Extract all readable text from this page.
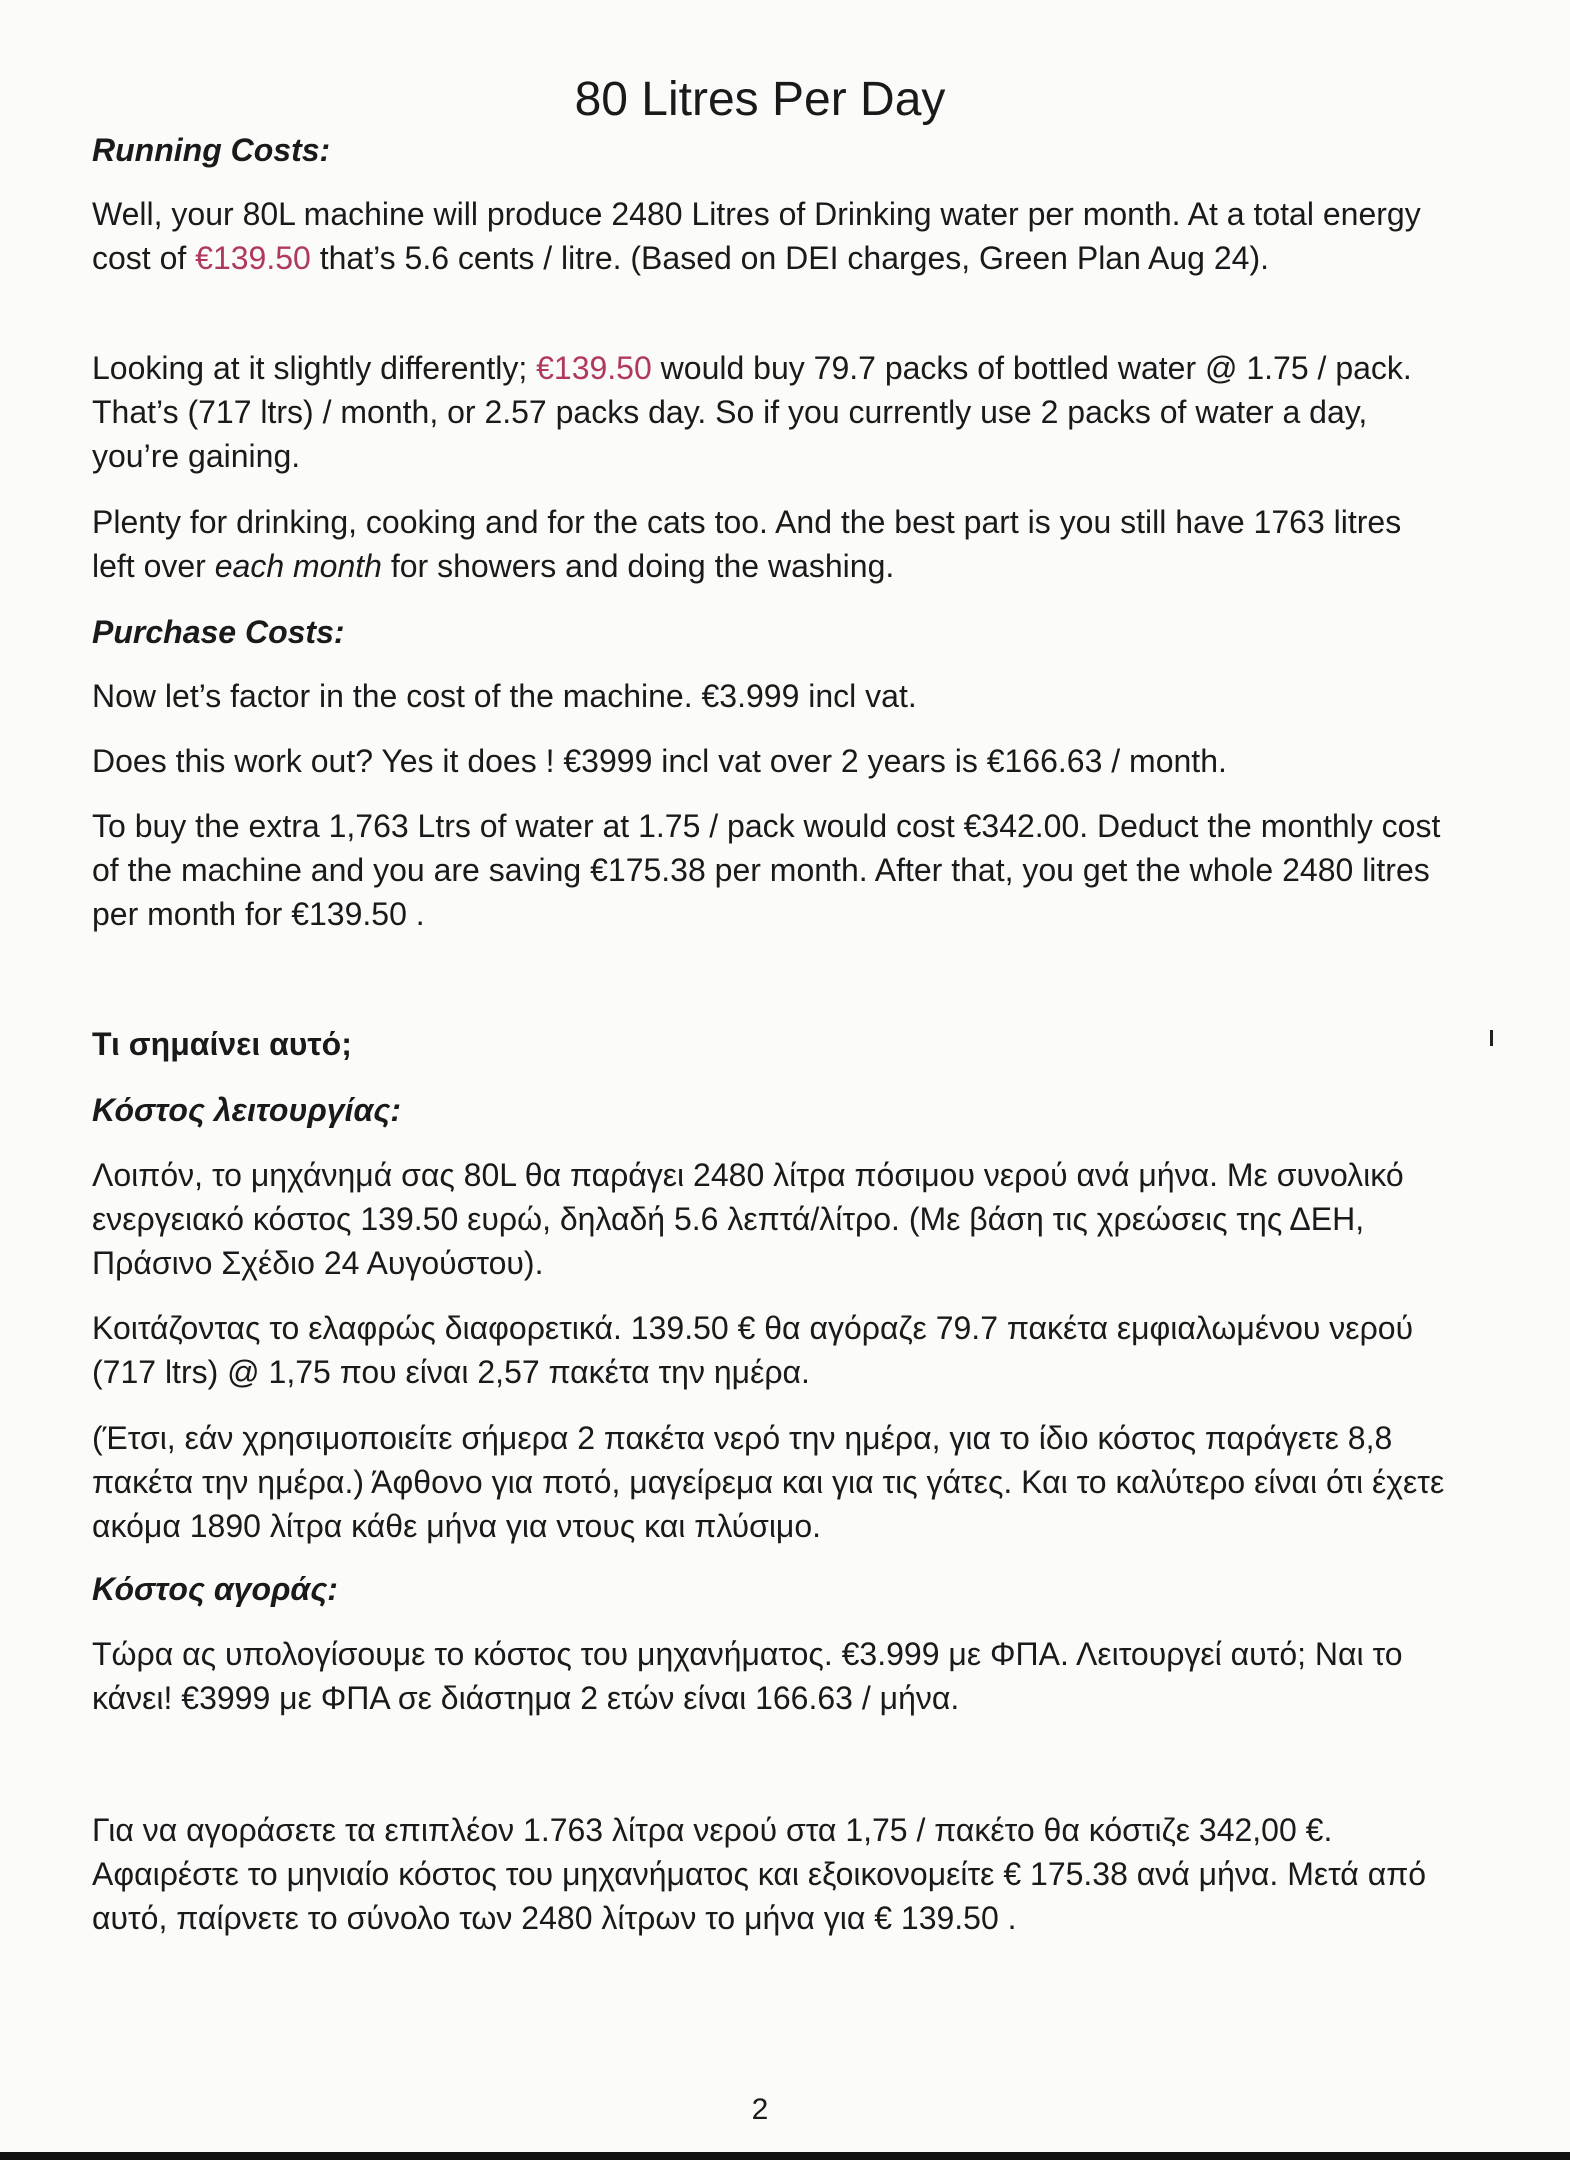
80 Litres Per Day
Running Costs:
Well, your 80L machine will produce 2480 Litres of Drinking water per month. At a total energy cost of €139.50 that’s 5.6 cents / litre. (Based on DEI charges, Green Plan Aug 24).
Looking at it slightly differently; €139.50 would buy 79.7 packs of bottled water @ 1.75 / pack. That’s (717 ltrs) / month, or 2.57 packs day. So if you currently use 2 packs of water a day, you’re gaining.
Plenty for drinking, cooking and for the cats too. And the best part is you still have 1763 litres left over each month for showers and doing the washing.
Purchase Costs:
Now let’s factor in the cost of the machine. €3.999 incl vat.
Does this work out? Yes it does ! €3999 incl vat over 2 years is €166.63 / month.
To buy the extra 1,763 Ltrs of water at 1.75 / pack would cost €342.00. Deduct the monthly cost of the machine and you are saving €175.38 per month. After that, you get the whole 2480 litres per month for €139.50 .
Τι σημαίνει αυτό;
Κόστος λειτουργίας:
Λοιπόν, το μηχάνημά σας 80L θα παράγει 2480 λίτρα πόσιμου νερού ανά μήνα. Με συνολικό ενεργειακό κόστος 139.50 ευρώ, δηλαδή 5.6 λεπτά/λίτρο. (Με βάση τις χρεώσεις της ΔΕΗ, Πράσινο Σχέδιο 24 Αυγούστου).
Κοιτάζοντας το ελαφρώς διαφορετικά. 139.50 € θα αγόραζε 79.7 πακέτα εμφιαλωμένου νερού (717 ltrs) @ 1,75 που είναι 2,57 πακέτα την ημέρα.
(Έτσι, εάν χρησιμοποιείτε σήμερα 2 πακέτα νερό την ημέρα, για το ίδιο κόστος παράγετε 8,8 πακέτα την ημέρα.) Άφθονο για ποτό, μαγείρεμα και για τις γάτες. Και το καλύτερο είναι ότι έχετε ακόμα 1890 λίτρα κάθε μήνα για ντους και πλύσιμο.
Κόστος αγοράς:
Τώρα ας υπολογίσουμε το κόστος του μηχανήματος. €3.999 με ΦΠΑ. Λειτουργεί αυτό; Ναι το κάνει! €3999 με ΦΠΑ σε διάστημα 2 ετών είναι 166.63 / μήνα.
Για να αγοράσετε τα επιπλέον 1.763 λίτρα νερού στα 1,75 / πακέτο θα κόστιζε 342,00 €. Αφαιρέστε το μηνιαίο κόστος του μηχανήματος και εξοικονομείτε € 175.38 ανά μήνα. Μετά από αυτό, παίρνετε το σύνολο των 2480 λίτρων το μήνα για € 139.50 .
2
